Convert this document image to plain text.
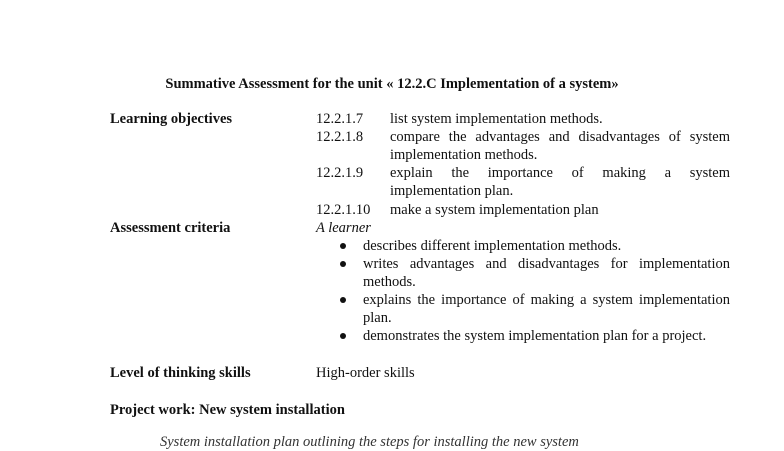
Summative Assessment for the unit « 12.2.C Implementation of a system»
Learning objectives	12.2.1.7 list system implementation methods.
12.2.1.8 compare the advantages and disadvantages of system implementation methods.
12.2.1.9 explain the importance of making a system implementation plan.
12.2.1.10 make a system implementation plan
Assessment criteria	A learner
describes different implementation methods.
writes advantages and disadvantages for implementation methods.
explains the importance of making a system implementation plan.
demonstrates the system implementation plan for a project.
Level of thinking skills	High-order skills
Project work: New system installation
System installation plan outlining the steps for installing the new system
